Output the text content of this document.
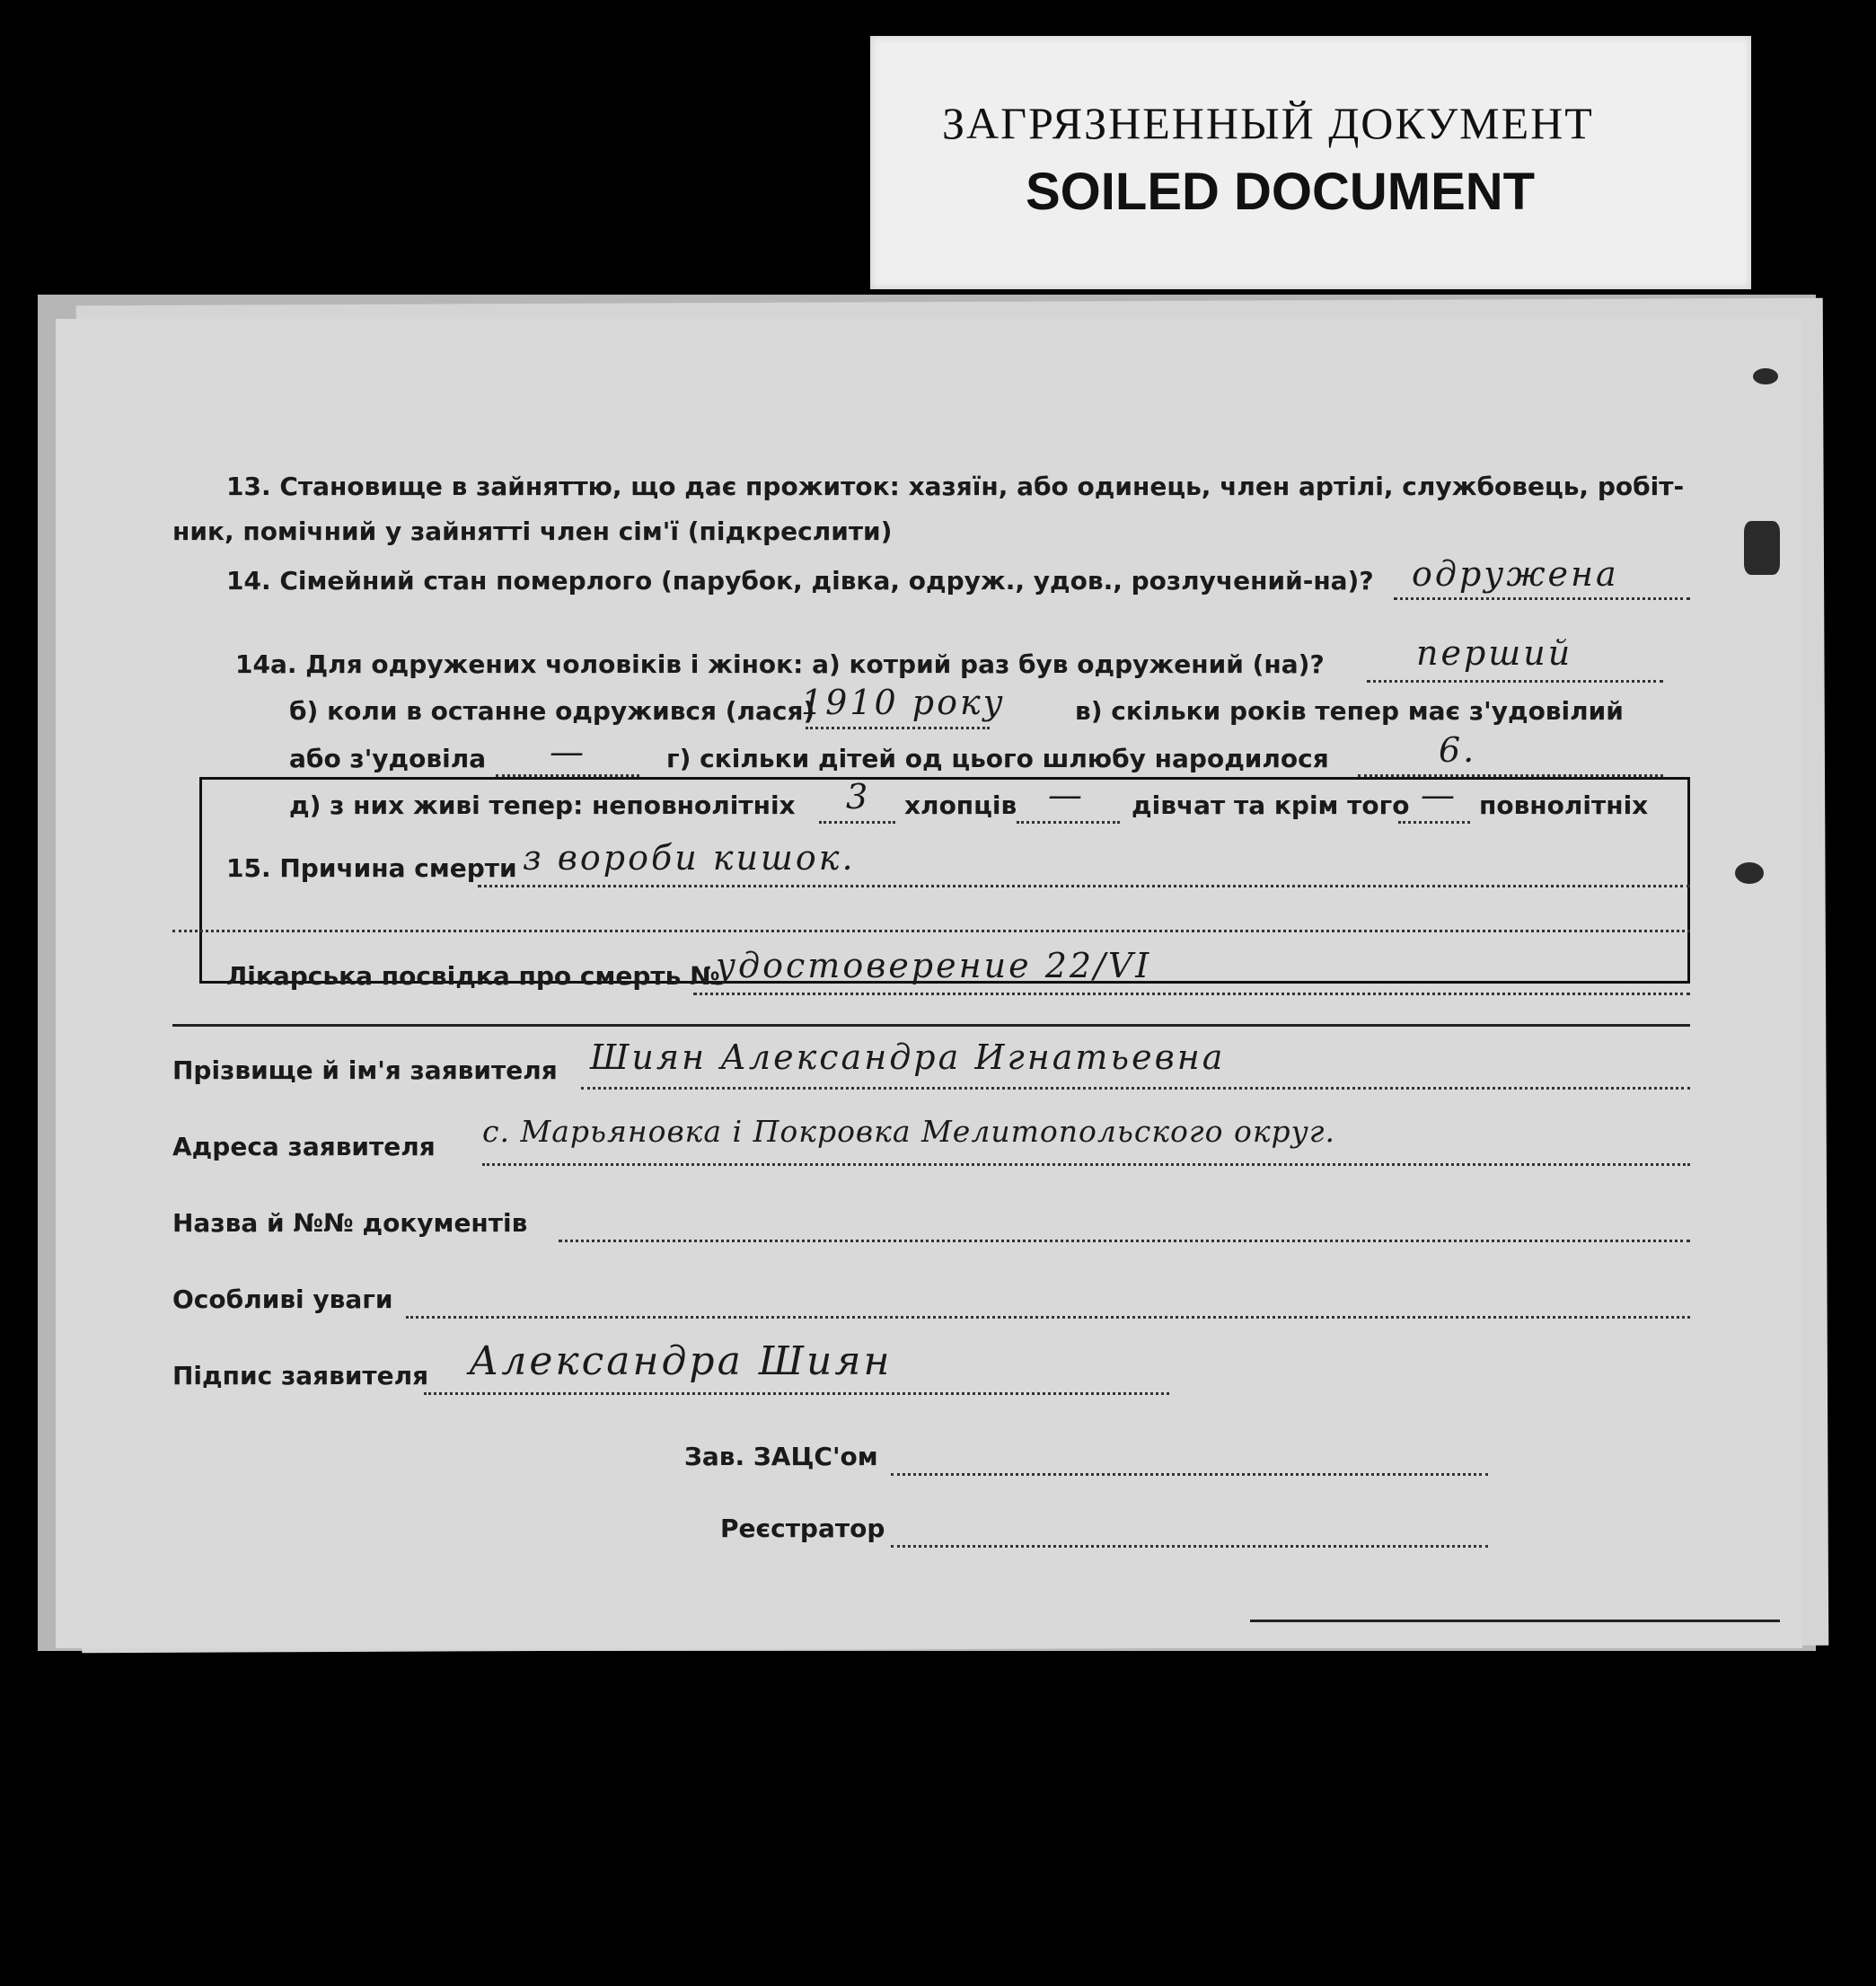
ЗАГРЯЗНЕННЫЙ ДОКУМЕНТ
SOILED DOCUMENT
13. Становище в зайняттю, що дає прожиток: хазяїн, або одинець, член артілі, службовець, робіт-
ник, помічний у зайнятті член сім'ї (підкреслити)
14. Сімейний стан померлого (парубок, дівка, одруж., удов., розлучений-на)? одружена
14а. Для одружених чоловіків і жінок: а) котрий раз був одружений (на)?	перший
б) коли в останне одружився (лася)
1910 року	в) скільки років тепер має з'удовілий
або з'удовіла —	г) скільки дітей од цього шлюбу народилося	6.
д) з них живі тепер: неповнолітніх 3 хлопців — дівчат та крім того — повнолітніх
15. Причина смерти з вороби кишок.
Лікарська посвідка про смерть №
удостоверение 22/VI
Прізвище й ім'я заявителя Шиян Александра Игнатьевна
Адреса заявителя с. Марьяновка і Покровка Мелитопольского округ.
Назва й №№ документів
Особливі уваги
Підпис заявителя Александра Шиян
Зав. ЗАЦС'ом
Реєстратор
